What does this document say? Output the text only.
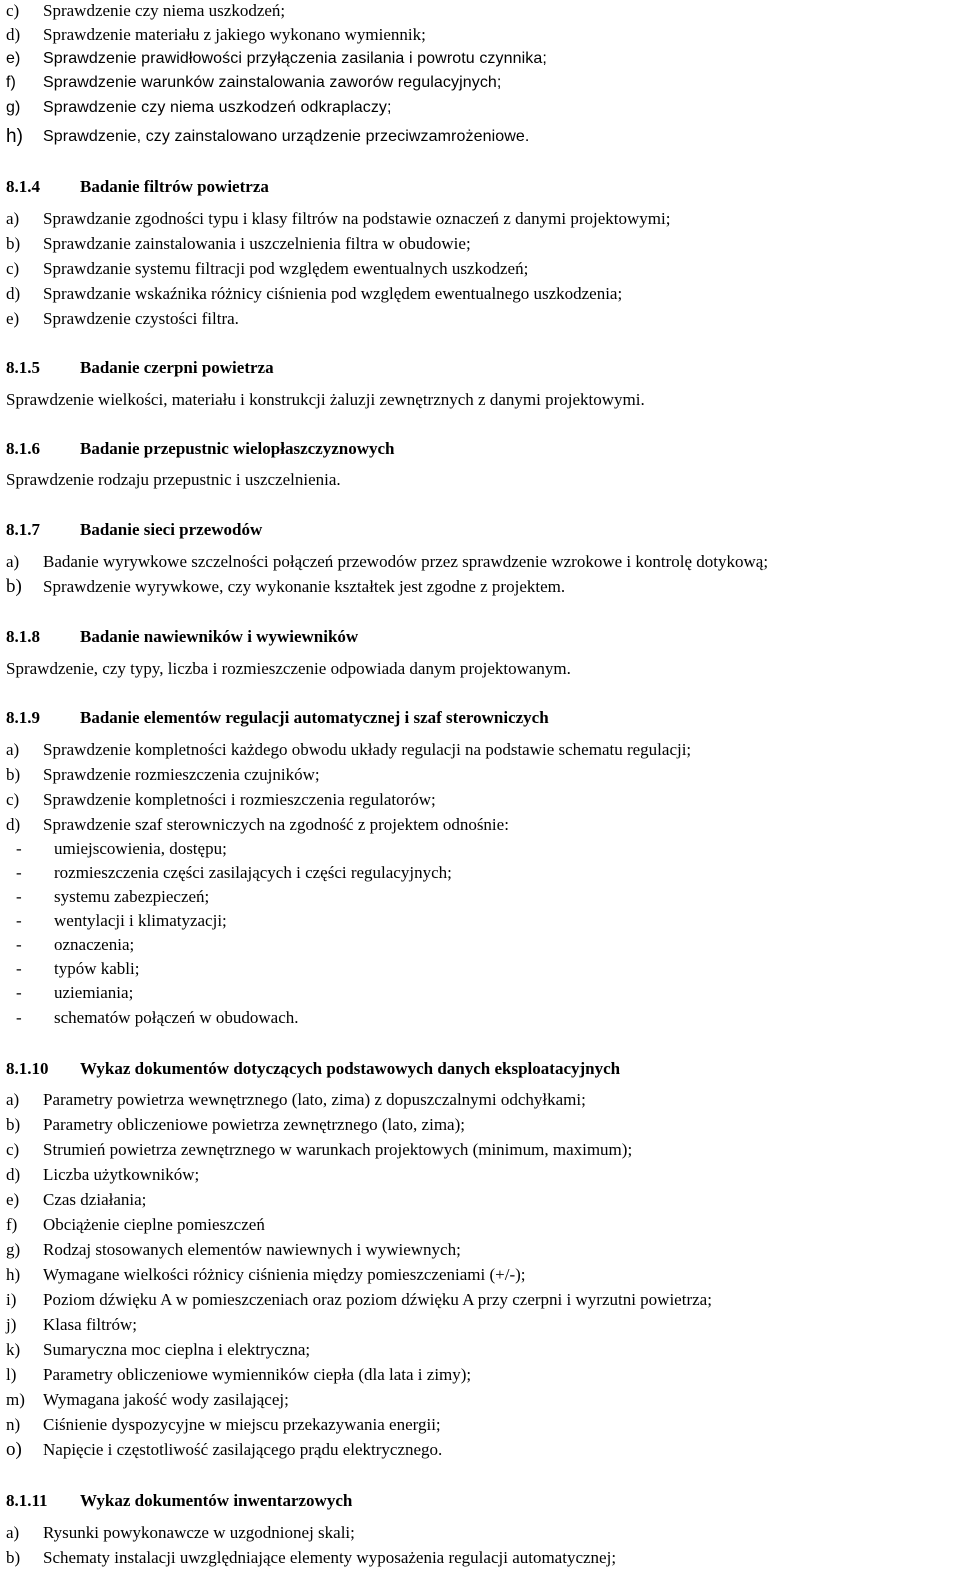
c) Sprawdzenie czy niema uszkodzeń;
d) Sprawdzenie materiału z jakiego wykonano wymiennik;
e) Sprawdzenie prawidłowości przyłączenia zasilania i powrotu czynnika;
f) Sprawdzenie warunków zainstalowania zaworów regulacyjnych;
g) Sprawdzenie czy niema uszkodzeń odkraplaczy;
h) Sprawdzenie, czy zainstalowano urządzenie przeciwzamrożeniowe.
8.1.4 Badanie filtrów powietrza
a) Sprawdzanie zgodności typu i klasy filtrów na podstawie oznaczeń z danymi projektowymi;
b) Sprawdzanie zainstalowania i uszczelnienia filtra w obudowie;
c) Sprawdzanie systemu filtracji pod względem ewentualnych uszkodzeń;
d) Sprawdzanie wskaźnika różnicy ciśnienia pod względem ewentualnego uszkodzenia;
e) Sprawdzenie czystości filtra.
8.1.5 Badanie czerpni powietrza
Sprawdzenie wielkości, materiału i konstrukcji żaluzji zewnętrznych z danymi projektowymi.
8.1.6 Badanie przepustnic wielopłaszczyznowych
Sprawdzenie rodzaju przepustnic i uszczelnienia.
8.1.7 Badanie sieci przewodów
a) Badanie wyrywkowe szczelności połączeń przewodów przez sprawdzenie wzrokowe i kontrolę dotykową;
b) Sprawdzenie wyrywkowe, czy wykonanie kształtek jest zgodne z projektem.
8.1.8 Badanie nawiewników i wywiewników
Sprawdzenie, czy typy, liczba i rozmieszczenie odpowiada danym projektowanym.
8.1.9 Badanie elementów regulacji automatycznej i szaf sterowniczych
a) Sprawdzenie kompletności każdego obwodu układy regulacji na podstawie schematu regulacji;
b) Sprawdzenie rozmieszczenia czujników;
c) Sprawdzenie kompletności i rozmieszczenia regulatorów;
d) Sprawdzenie szaf sterowniczych na zgodność z projektem odnośnie:
- umiejscowienia, dostępu;
- rozmieszczenia części zasilających i części regulacyjnych;
- systemu zabezpieczeń;
- wentylacji i klimatyzacji;
- oznaczenia;
- typów kabli;
- uziemiania;
- schematów połączeń w obudowach.
8.1.10 Wykaz dokumentów dotyczących podstawowych danych eksploatacyjnych
a) Parametry powietrza wewnętrznego (lato, zima) z dopuszczalnymi odchyłkami;
b) Parametry obliczeniowe powietrza zewnętrznego (lato, zima);
c) Strumień powietrza zewnętrznego w warunkach projektowych (minimum, maximum);
d) Liczba użytkowników;
e) Czas działania;
f) Obciążenie cieplne pomieszczeń
g) Rodzaj stosowanych elementów nawiewnych i wywiewnych;
h) Wymagane wielkości różnicy ciśnienia między pomieszczeniami (+/-);
i) Poziom dźwięku A w pomieszczeniach oraz poziom dźwięku A przy czerpni i wyrzutni powietrza;
j) Klasa filtrów;
k) Sumaryczna moc cieplna i elektryczna;
l) Parametry obliczeniowe wymienników ciepła (dla lata i zimy);
m) Wymagana jakość wody zasilającej;
n) Ciśnienie dyspozycyjne w miejscu przekazywania energii;
o) Napięcie i częstotliwość zasilającego prądu elektrycznego.
8.1.11 Wykaz dokumentów inwentarzowych
a) Rysunki powykonawcze w uzgodnionej skali;
b) Schematy instalacji uwzględniające elementy wyposażenia regulacji automatycznej;
